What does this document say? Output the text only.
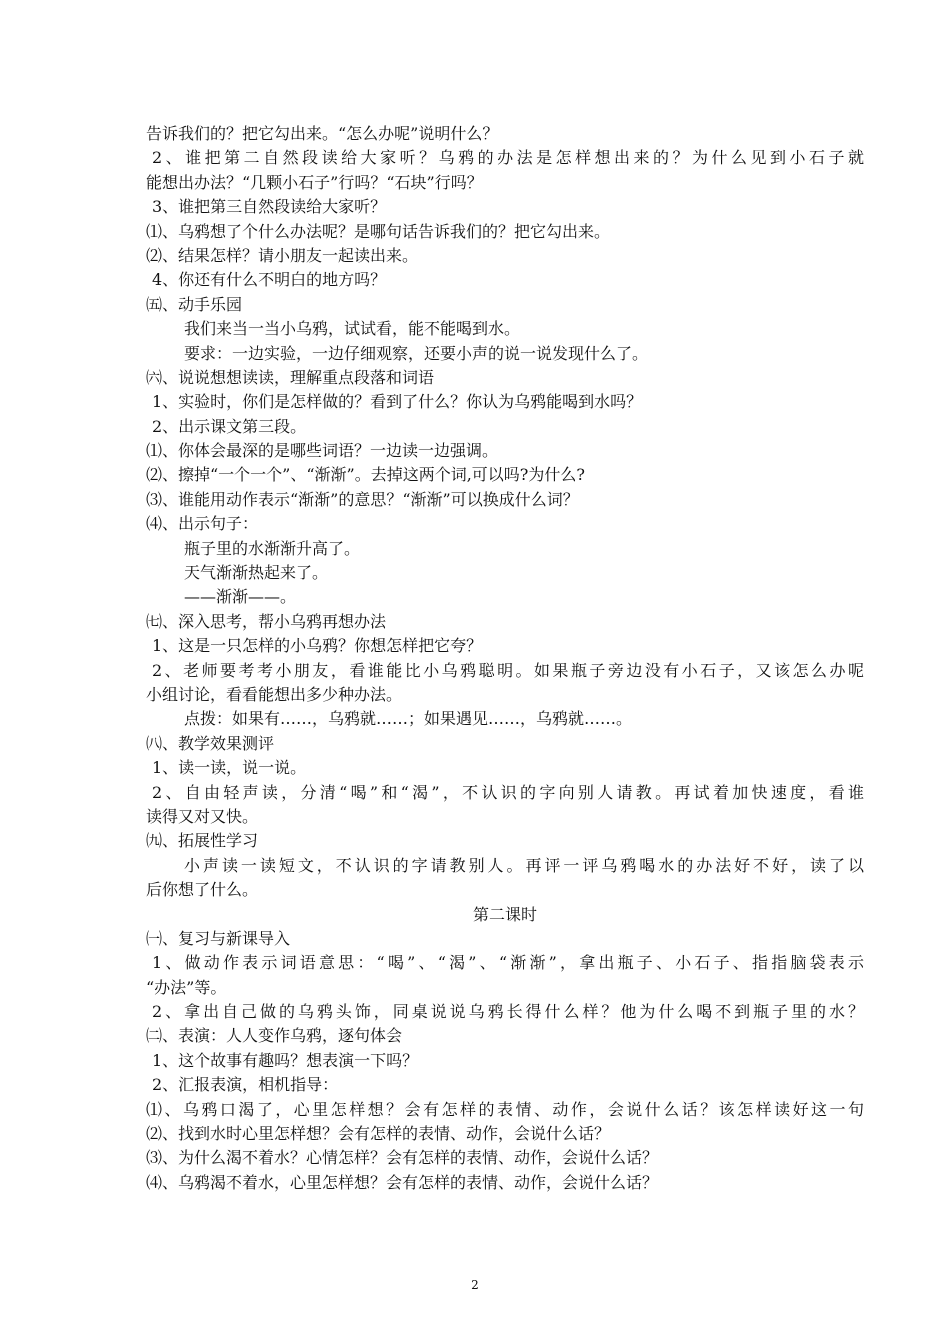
告诉我们的？把它勾出来。“怎么办呢”说明什么？
2、谁把第二自然段读给大家听？乌鸦的办法是怎样想出来的？为什么见到小石子就
能想出办法？“几颗小石子”行吗？“石块”行吗？
3、谁把第三自然段读给大家听？
⑴、乌鸦想了个什么办法呢？是哪句话告诉我们的？把它勾出来。
⑵、结果怎样？请小朋友一起读出来。
4、你还有什么不明白的地方吗？
㈤、动手乐园
我们来当一当小乌鸦，试试看，能不能喝到水。
要求：一边实验，一边仔细观察，还要小声的说一说发现什么了。
㈥、说说想想读读，理解重点段落和词语
1、实验时，你们是怎样做的？看到了什么？你认为乌鸦能喝到水吗？
2、出示课文第三段。
⑴、你体会最深的是哪些词语？一边读一边强调。
⑵、擦掉“一个一个”、“渐渐”。去掉这两个词,可以吗?为什么?
⑶、谁能用动作表示“渐渐”的意思？“渐渐”可以换成什么词？
⑷、出示句子：
瓶子里的水渐渐升高了。
天气渐渐热起来了。
——渐渐——。
㈦、深入思考，帮小乌鸦再想办法
1、这是一只怎样的小乌鸦？你想怎样把它夸？
2、老师要考考小朋友，看谁能比小乌鸦聪明。如果瓶子旁边没有小石子，又该怎么办呢
小组讨论，看看能想出多少种办法。
点拨：如果有……，乌鸦就……；如果遇见……，乌鸦就……。
㈧、教学效果测评
1、读一读，说一说。
2、自由轻声读，分清“喝”和“渴”，不认识的字向别人请教。再试着加快速度，看谁
读得又对又快。
㈨、拓展性学习
小声读一读短文，不认识的字请教别人。再评一评乌鸦喝水的办法好不好，读了以
后你想了什么。
第二课时
㈠、复习与新课导入
1、做动作表示词语意思：“喝”、“渴”、“渐渐”，拿出瓶子、小石子、指指脑袋表示
“办法”等。
2、拿出自己做的乌鸦头饰，同桌说说乌鸦长得什么样？他为什么喝不到瓶子里的水？
㈡、表演：人人变作乌鸦，逐句体会
1、这个故事有趣吗？想表演一下吗？
2、汇报表演，相机指导：
⑴、乌鸦口渴了，心里怎样想？会有怎样的表情、动作，会说什么话？该怎样读好这一句
⑵、找到水时心里怎样想？会有怎样的表情、动作，会说什么话？
⑶、为什么渴不着水？心情怎样？会有怎样的表情、动作，会说什么话？
⑷、乌鸦渴不着水，心里怎样想？会有怎样的表情、动作，会说什么话？
2
